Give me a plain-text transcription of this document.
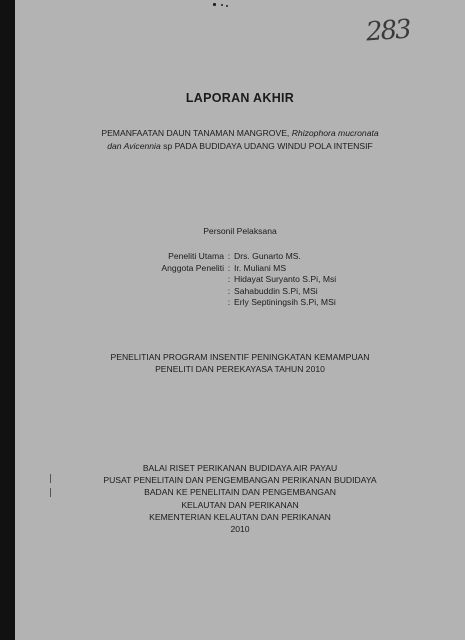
283
LAPORAN AKHIR
PEMANFAATAN DAUN TANAMAN MANGROVE, Rhizophora mucronata
dan Avicennia sp PADA BUDIDAYA UDANG WINDU POLA INTENSIF
Personil Pelaksana
Peneliti Utama : Drs. Gunarto MS.
Anggota Peneliti : Ir. Muliani MS
: Hidayat Suryanto S.Pi, Msi
: Sahabuddin S.Pi, MSi
: Erly Septiningsih S.Pi, MSi
PENELITIAN PROGRAM INSENTIF PENINGKATAN KEMAMPUAN
PENELITI DAN PEREKAYASA TAHUN 2010
BALAI RISET PERIKANAN BUDIDAYA AIR PAYAU
PUSAT PENELITAIN DAN PENGEMBANGAN PERIKANAN BUDIDAYA
BADAN KE PENELITAIN DAN PENGEMBANGAN
KELAUTAN DAN PERIKANAN
KEMENTERIAN KELAUTAN DAN PERIKANAN
2010
